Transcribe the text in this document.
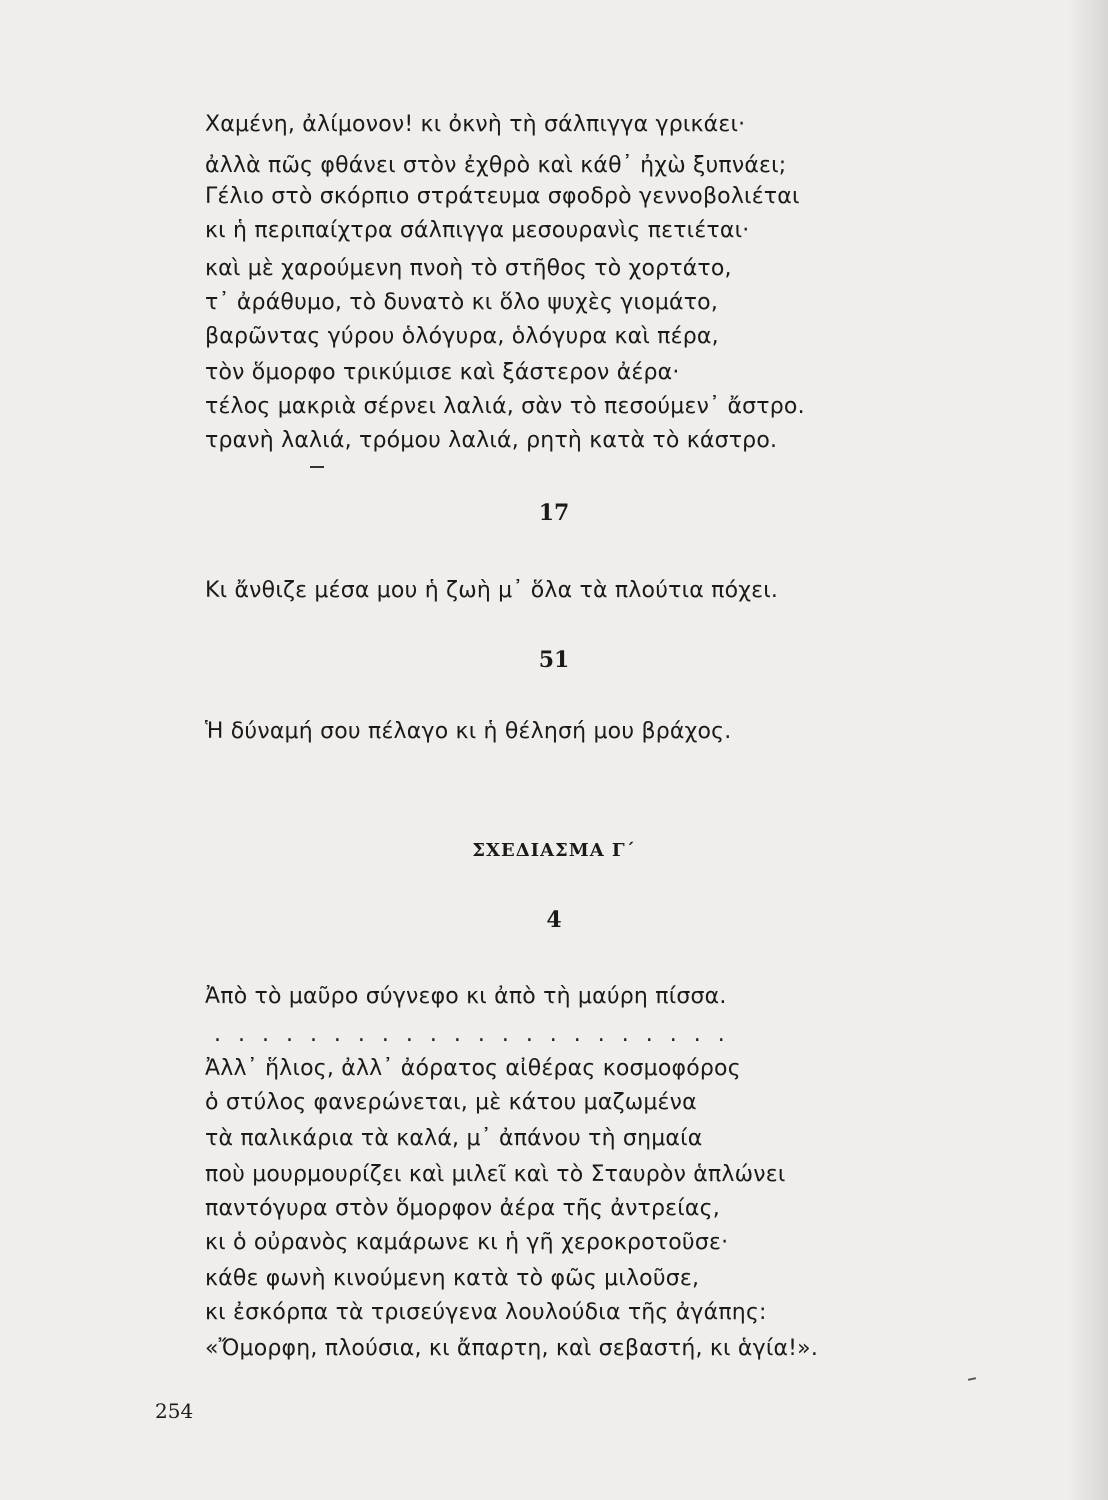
Χαμένη, ἀλίμονον! κι ὀκνὴ τὴ σάλπιγγα γρικάει·
ἀλλὰ πῶς φθάνει στὸν ἐχθρὸ καὶ κάθ᾽ ἠχὼ ξυπνάει;
Γέλιο στὸ σκόρπιο στράτευμα σφοδρὸ γεννοβολιέται
κι ἡ περιπαίχτρα σάλπιγγα μεσουρανὶς πετιέται·
καὶ μὲ χαρούμενη πνοὴ τὸ στῆθος τὸ χορτάτο,
τ᾽ ἀράθυμο, τὸ δυνατὸ κι ὅλο ψυχὲς γιομάτο,
βαρῶντας γύρου ὁλόγυρα, ὁλόγυρα καὶ πέρα,
τὸν ὅμορφο τρικύμισε καὶ ξάστερον ἀέρα·
τέλος μακριὰ σέρνει λαλιά, σὰν τὸ πεσούμεν᾽ ἄστρο.
τρανὴ λαλιά, τρόμου λαλιά, ρητὴ κατὰ τὸ κάστρο.
17
Κι ἄνθιζε μέσα μου ἡ ζωὴ μ᾽ ὅλα τὰ πλούτια πόχει.
51
Ἡ δύναμή σου πέλαγο κι ἡ θέλησή μου βράχος.
ΣΧΕΔΙΑΣΜΑ Γ΄
4
Ἀπὸ τὸ μαῦρο σύγνεφο κι ἀπὸ τὴ μαύρη πίσσα.
. . . . . . . . . . . . . . . . . . . . . .
Ἀλλ᾽ ἥλιος, ἀλλ᾽ ἀόρατος αἰθέρας κοσμοφόρος
ὁ στύλος φανερώνεται, μὲ κάτου μαζωμένα
τὰ παλικάρια τὰ καλά, μ᾽ ἀπάνου τὴ σημαία
ποὺ μουρμουρίζει καὶ μιλεῖ καὶ τὸ Σταυρὸν ἁπλώνει
παντόγυρα στὸν ὅμορφον ἀέρα τῆς ἀντρείας,
κι ὁ οὐρανὸς καμάρωνε κι ἡ γῆ χεροκροτοῦσε·
κάθε φωνὴ κινούμενη κατὰ τὸ φῶς μιλοῦσε,
κι ἐσκόρπα τὰ τρισεύγενα λουλούδια τῆς ἀγάπης:
«Ὄμορφη, πλούσια, κι ἄπαρτη, καὶ σεβαστή, κι ἁγία!».
254
